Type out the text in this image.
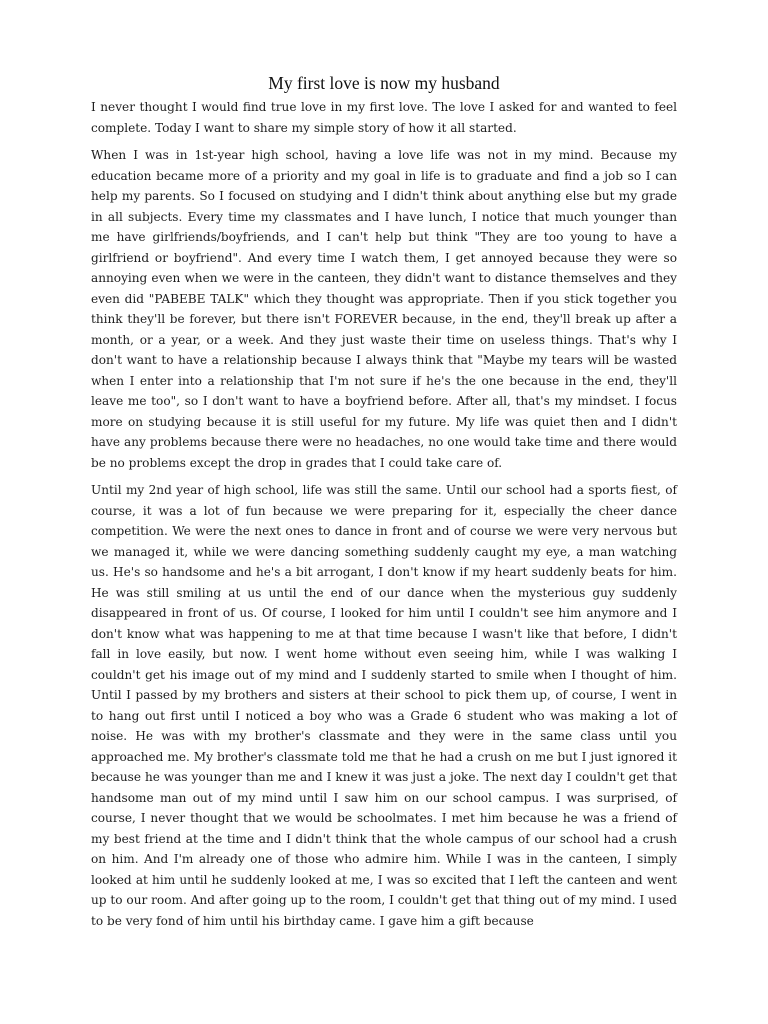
My first love is now my husband

I never thought I would find true love in my first love. The love I asked for and wanted to feel complete. Today I want to share my simple story of how it all started.

When I was in 1st-year high school, having a love life was not in my mind. Because my education became more of a priority and my goal in life is to graduate and find a job so I can help my parents. So I focused on studying and I didn't think about anything else but my grade in all subjects. Every time my classmates and I have lunch, I notice that much younger than me have girlfriends/boyfriends, and I can't help but think "They are too young to have a girlfriend or boyfriend". And every time I watch them, I get annoyed because they were so annoying even when we were in the canteen, they didn't want to distance themselves and they even did "PABEBE TALK" which they thought was appropriate. Then if you stick together you think they'll be forever, but there isn't FOREVER because, in the end, they'll break up after a month, or a year, or a week. And they just waste their time on useless things. That's why I don't want to have a relationship because I always think that "Maybe my tears will be wasted when I enter into a relationship that I'm not sure if he's the one because in the end, they'll leave me too", so I don't want to have a boyfriend before. After all, that's my mindset. I focus more on studying because it is still useful for my future. My life was quiet then and I didn't have any problems because there were no headaches, no one would take time and there would be no problems except the drop in grades that I could take care of.

Until my 2nd year of high school, life was still the same. Until our school had a sports fiest, of course, it was a lot of fun because we were preparing for it, especially the cheer dance competition. We were the next ones to dance in front and of course we were very nervous but we managed it, while we were dancing something suddenly caught my eye, a man watching us. He's so handsome and he's a bit arrogant, I don't know if my heart suddenly beats for him. He was still smiling at us until the end of our dance when the mysterious guy suddenly disappeared in front of us. Of course, I looked for him until I couldn't see him anymore and I don't know what was happening to me at that time because I wasn't like that before, I didn't fall in love easily, but now. I went home without even seeing him, while I was walking I couldn't get his image out of my mind and I suddenly started to smile when I thought of him. Until I passed by my brothers and sisters at their school to pick them up, of course, I went in to hang out first until I noticed a boy who was a Grade 6 student who was making a lot of noise. He was with my brother's classmate and they were in the same class until you approached me. My brother's classmate told me that he had a crush on me but I just ignored it because he was younger than me and I knew it was just a joke. The next day I couldn't get that handsome man out of my mind until I saw him on our school campus. I was surprised, of course, I never thought that we would be schoolmates. I met him because he was a friend of my best friend at the time and I didn't think that the whole campus of our school had a crush on him. And I'm already one of those who admire him. While I was in the canteen, I simply looked at him until he suddenly looked at me, I was so excited that I left the canteen and went up to our room. And after going up to the room, I couldn't get that thing out of my mind. I used to be very fond of him until his birthday came. I gave him a gift because
